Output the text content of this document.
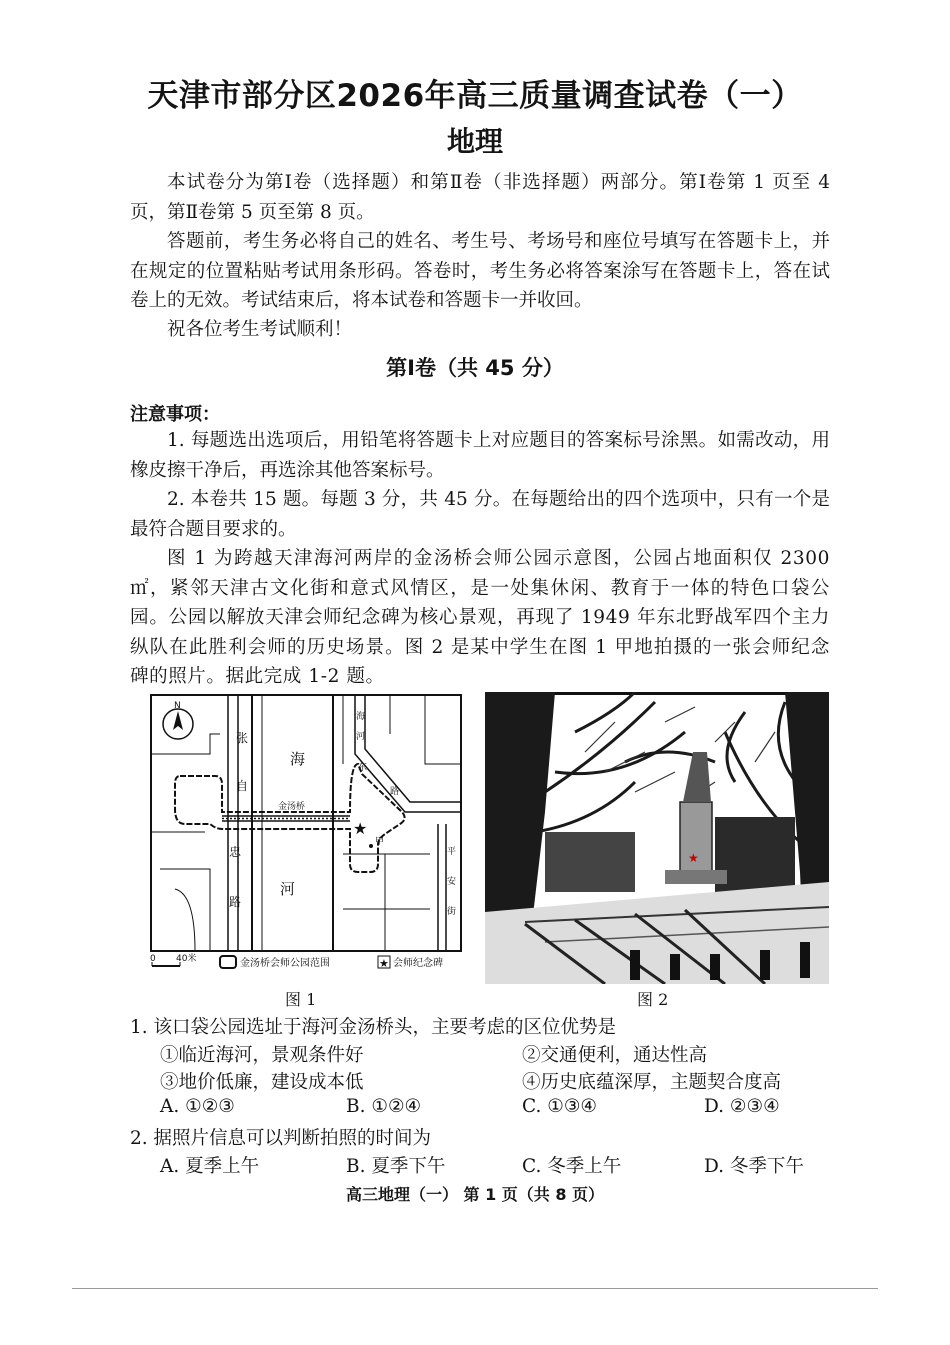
天津市部分区2026年高三质量调查试卷（一）
地理

本试卷分为第Ⅰ卷（选择题）和第Ⅱ卷（非选择题）两部分。第Ⅰ卷第 1 页至 4 页，第Ⅱ卷第 5 页至第 8 页。

答题前，考生务必将自己的姓名、考生号、考场号和座位号填写在答题卡上，并在规定的位置粘贴考试用条形码。答卷时，考生务必将答案涂写在答题卡上，答在试卷上的无效。考试结束后，将本试卷和答题卡一并收回。

祝各位考生考试顺利！

第Ⅰ卷（共 45 分）
注意事项：

1. 每题选出选项后，用铅笔将答题卡上对应题目的答案标号涂黑。如需改动，用橡皮擦干净后，再选涂其他答案标号。

2. 本卷共 15 题。每题 3 分，共 45 分。在每题给出的四个选项中，只有一个是最符合题目要求的。

图 1 为跨越天津海河两岸的金汤桥会师公园示意图，公园占地面积仅 2300㎡，紧邻天津古文化街和意式风情区，是一处集休闲、教育于一体的特色口袋公园。公园以解放天津会师纪念碑为核心景观，再现了 1949 年东北野战军四个主力纵队在此胜利会师的历史场景。图 2 是某中学生在图 1 甲地拍摄的一张会师纪念碑的照片。据此完成 1-2 题。

N
海
河
张
自
忠
路
海
河
东
路
平
安
街
金汤桥
★
甲
0 40米	金汤桥会师公园范围	★ 会师纪念碑
图 1
★
图 2
1. 该口袋公园选址于海河金汤桥头，主要考虑的区位优势是
①临近海河，景观条件好	②交通便利，通达性高
③地价低廉，建设成本低	④历史底蕴深厚，主题契合度高
A. ①②③	B. ①②④	C. ①③④	D. ②③④
2. 据照片信息可以判断拍照的时间为
A. 夏季上午	B. 夏季下午	C. 冬季上午	D. 冬季下午
高三地理（一） 第 1 页（共 8 页）
